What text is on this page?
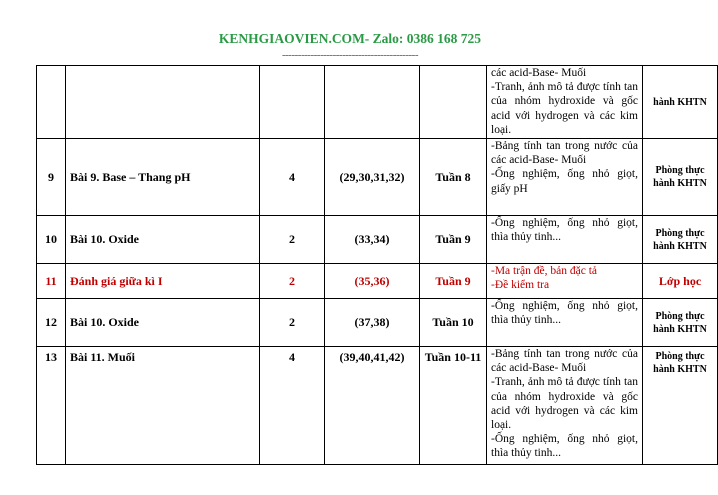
KENHGIAOVIEN.COM- Zalo: 0386 168 725
-------------------------------------------

					các acid-Base- Muối
-Tranh, ảnh mô tả được tính tan của nhóm hydroxide và gốc acid với hydrogen và các kim loại.	hành KHTN
9	Bài 9. Base – Thang pH	4	(29,30,31,32)	Tuần 8	-Bảng tính tan trong nước của các acid-Base- Muối
-Ống nghiệm, ống nhỏ giọt, giấy pH	Phòng thực hành KHTN
10	Bài 10. Oxide	2	(33,34)	Tuần 9	-Ống nghiệm, ống nhỏ giọt, thìa thủy tinh...	Phòng thực hành KHTN
11	Đánh giá giữa kì I	2	(35,36)	Tuần 9	-Ma trận đề, bản đặc tả
-Đề kiểm tra	Lớp học
12	Bài 10. Oxide	2	(37,38)	Tuần 10	-Ống nghiệm, ống nhỏ giọt, thìa thủy tinh...	Phòng thực hành KHTN
13	Bài 11. Muối	4	(39,40,41,42)	Tuần 10-11	-Bảng tính tan trong nước của các acid-Base- Muối
-Tranh, ảnh mô tả được tính tan của nhóm hydroxide và gốc acid với hydrogen và các kim loại.
-Ống nghiệm, ống nhỏ giọt, thìa thủy tinh...	Phòng thực hành KHTN
